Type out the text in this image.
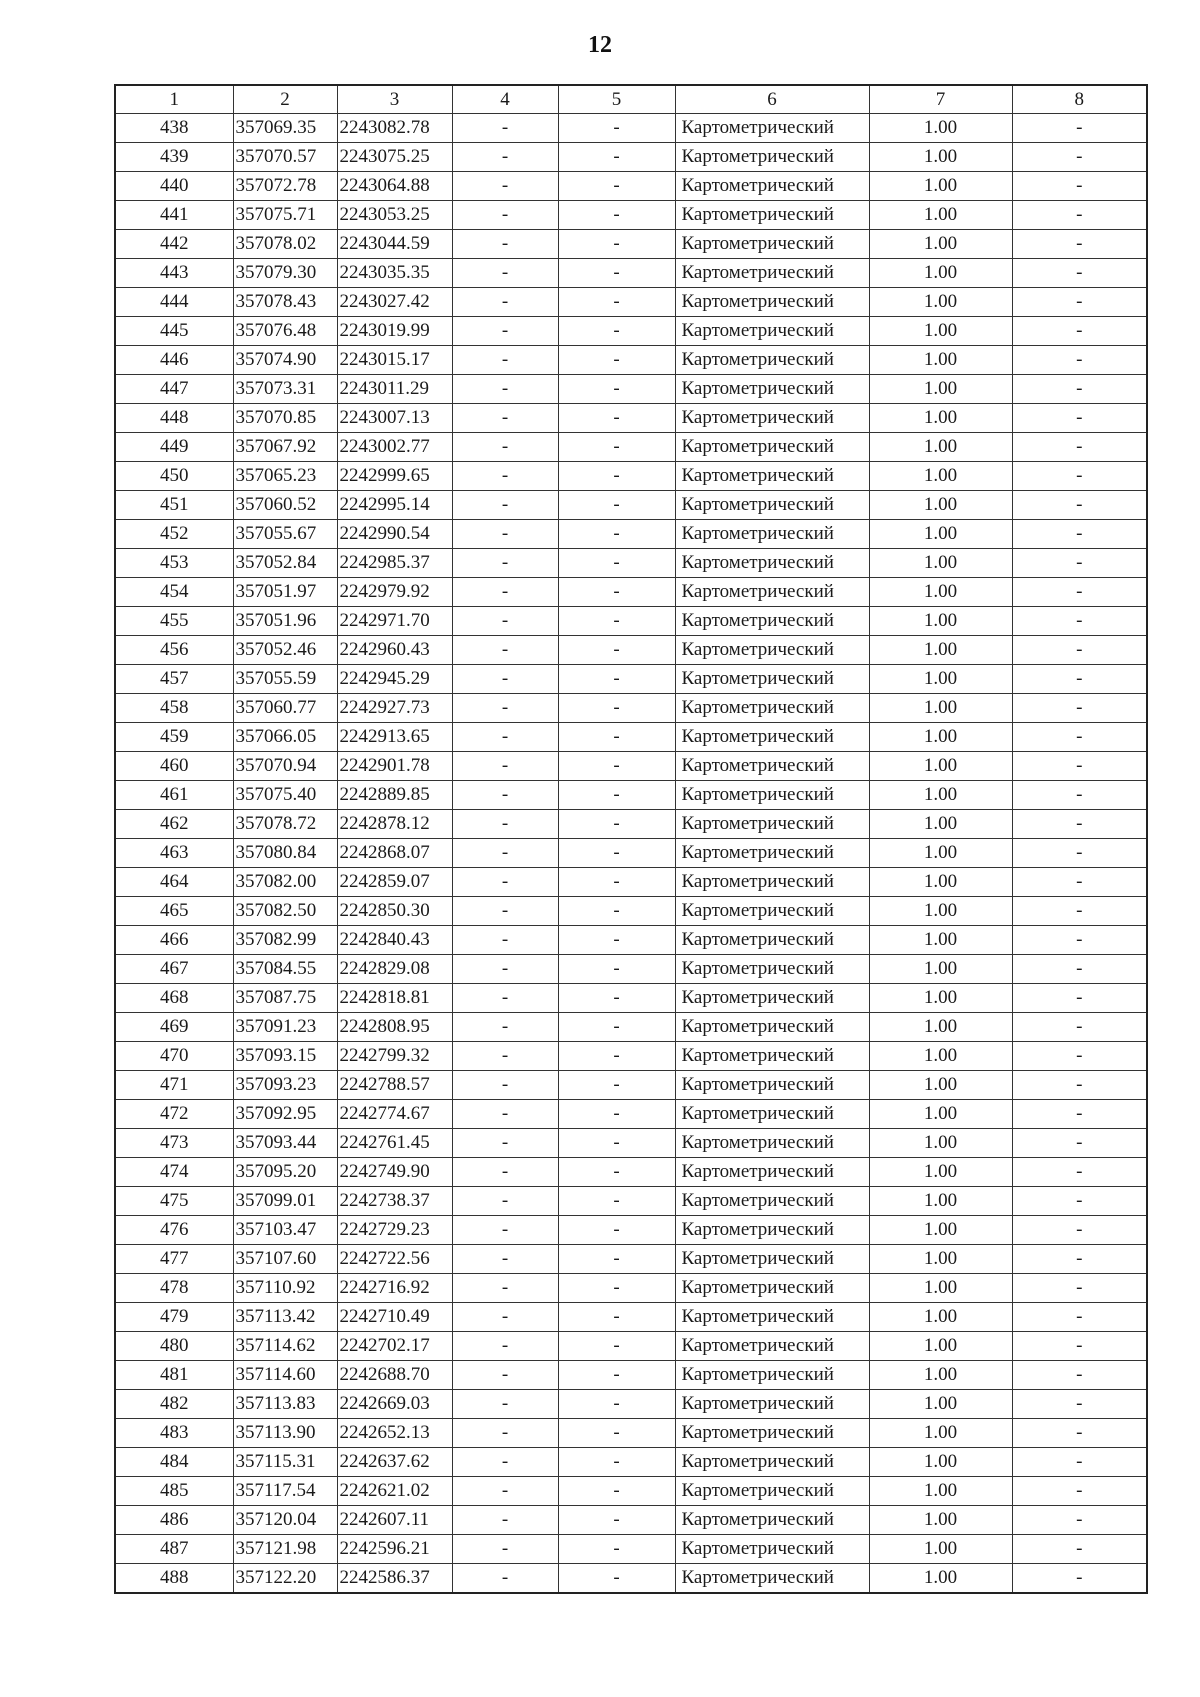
12
1	2	3	4	5	6	7	8
438	357069.35	2243082.78	-	-	Картометрический	1.00	-
439	357070.57	2243075.25	-	-	Картометрический	1.00	-
440	357072.78	2243064.88	-	-	Картометрический	1.00	-
441	357075.71	2243053.25	-	-	Картометрический	1.00	-
442	357078.02	2243044.59	-	-	Картометрический	1.00	-
443	357079.30	2243035.35	-	-	Картометрический	1.00	-
444	357078.43	2243027.42	-	-	Картометрический	1.00	-
445	357076.48	2243019.99	-	-	Картометрический	1.00	-
446	357074.90	2243015.17	-	-	Картометрический	1.00	-
447	357073.31	2243011.29	-	-	Картометрический	1.00	-
448	357070.85	2243007.13	-	-	Картометрический	1.00	-
449	357067.92	2243002.77	-	-	Картометрический	1.00	-
450	357065.23	2242999.65	-	-	Картометрический	1.00	-
451	357060.52	2242995.14	-	-	Картометрический	1.00	-
452	357055.67	2242990.54	-	-	Картометрический	1.00	-
453	357052.84	2242985.37	-	-	Картометрический	1.00	-
454	357051.97	2242979.92	-	-	Картометрический	1.00	-
455	357051.96	2242971.70	-	-	Картометрический	1.00	-
456	357052.46	2242960.43	-	-	Картометрический	1.00	-
457	357055.59	2242945.29	-	-	Картометрический	1.00	-
458	357060.77	2242927.73	-	-	Картометрический	1.00	-
459	357066.05	2242913.65	-	-	Картометрический	1.00	-
460	357070.94	2242901.78	-	-	Картометрический	1.00	-
461	357075.40	2242889.85	-	-	Картометрический	1.00	-
462	357078.72	2242878.12	-	-	Картометрический	1.00	-
463	357080.84	2242868.07	-	-	Картометрический	1.00	-
464	357082.00	2242859.07	-	-	Картометрический	1.00	-
465	357082.50	2242850.30	-	-	Картометрический	1.00	-
466	357082.99	2242840.43	-	-	Картометрический	1.00	-
467	357084.55	2242829.08	-	-	Картометрический	1.00	-
468	357087.75	2242818.81	-	-	Картометрический	1.00	-
469	357091.23	2242808.95	-	-	Картометрический	1.00	-
470	357093.15	2242799.32	-	-	Картометрический	1.00	-
471	357093.23	2242788.57	-	-	Картометрический	1.00	-
472	357092.95	2242774.67	-	-	Картометрический	1.00	-
473	357093.44	2242761.45	-	-	Картометрический	1.00	-
474	357095.20	2242749.90	-	-	Картометрический	1.00	-
475	357099.01	2242738.37	-	-	Картометрический	1.00	-
476	357103.47	2242729.23	-	-	Картометрический	1.00	-
477	357107.60	2242722.56	-	-	Картометрический	1.00	-
478	357110.92	2242716.92	-	-	Картометрический	1.00	-
479	357113.42	2242710.49	-	-	Картометрический	1.00	-
480	357114.62	2242702.17	-	-	Картометрический	1.00	-
481	357114.60	2242688.70	-	-	Картометрический	1.00	-
482	357113.83	2242669.03	-	-	Картометрический	1.00	-
483	357113.90	2242652.13	-	-	Картометрический	1.00	-
484	357115.31	2242637.62	-	-	Картометрический	1.00	-
485	357117.54	2242621.02	-	-	Картометрический	1.00	-
486	357120.04	2242607.11	-	-	Картометрический	1.00	-
487	357121.98	2242596.21	-	-	Картометрический	1.00	-
488	357122.20	2242586.37	-	-	Картометрический	1.00	-
